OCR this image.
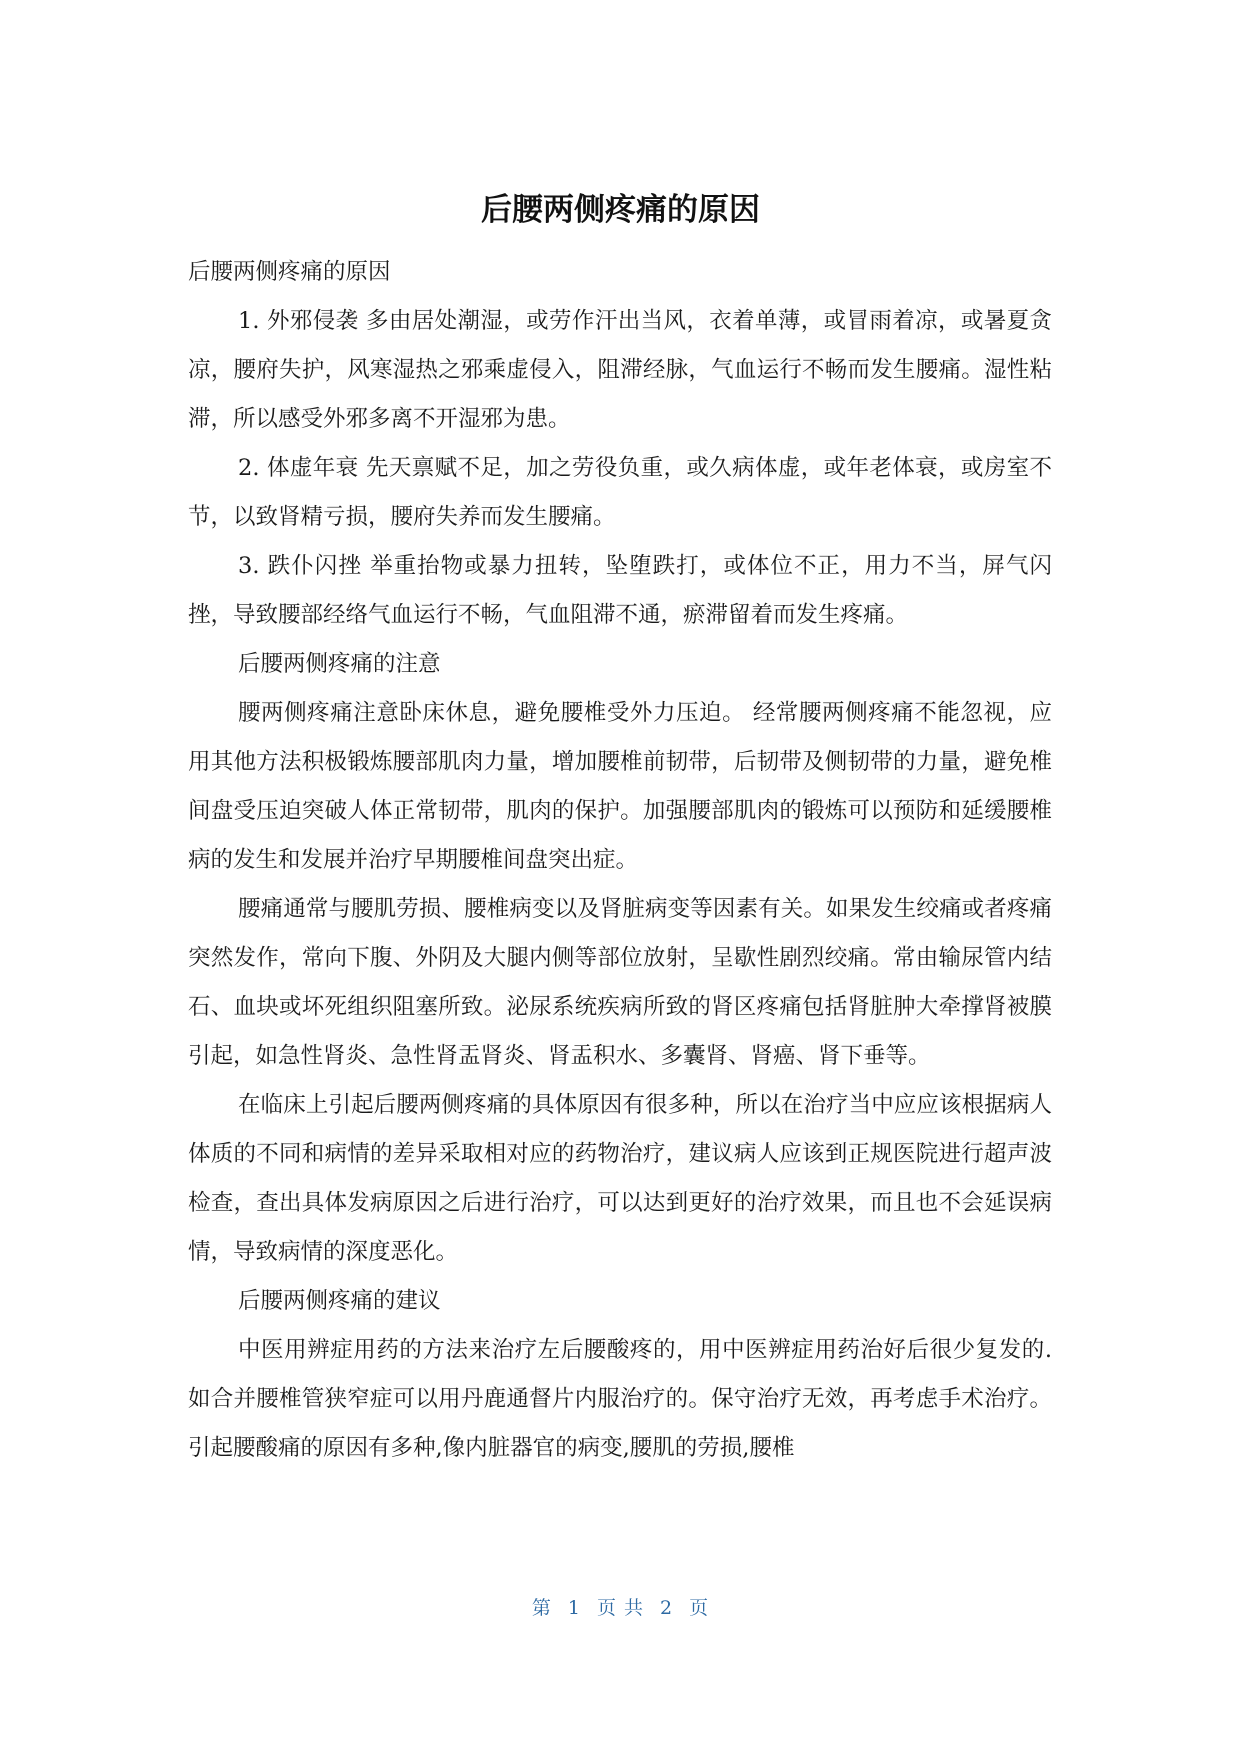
后腰两侧疼痛的原因

后腰两侧疼痛的原因

1. 外邪侵袭 多由居处潮湿，或劳作汗出当风，衣着单薄，或冒雨着凉，或暑夏贪凉，腰府失护，风寒湿热之邪乘虚侵入，阻滞经脉，气血运行不畅而发生腰痛。湿性粘滞，所以感受外邪多离不开湿邪为患。

2. 体虚年衰 先天禀赋不足，加之劳役负重，或久病体虚，或年老体衰，或房室不节，以致肾精亏损，腰府失养而发生腰痛。

3. 跌仆闪挫 举重抬物或暴力扭转，坠堕跌打，或体位不正，用力不当，屏气闪挫，导致腰部经络气血运行不畅，气血阻滞不通，瘀滞留着而发生疼痛。

后腰两侧疼痛的注意

腰两侧疼痛注意卧床休息，避免腰椎受外力压迫。 经常腰两侧疼痛不能忽视，应用其他方法积极锻炼腰部肌肉力量，增加腰椎前韧带，后韧带及侧韧带的力量，避免椎间盘受压迫突破人体正常韧带，肌肉的保护。加强腰部肌肉的锻炼可以预防和延缓腰椎病的发生和发展并治疗早期腰椎间盘突出症。

腰痛通常与腰肌劳损、腰椎病变以及肾脏病变等因素有关。如果发生绞痛或者疼痛突然发作，常向下腹、外阴及大腿内侧等部位放射，呈歇性剧烈绞痛。常由输尿管内结石、血块或坏死组织阻塞所致。泌尿系统疾病所致的肾区疼痛包括肾脏肿大牵撑肾被膜引起，如急性肾炎、急性肾盂肾炎、肾盂积水、多囊肾、肾癌、肾下垂等。

在临床上引起后腰两侧疼痛的具体原因有很多种，所以在治疗当中应应该根据病人体质的不同和病情的差异采取相对应的药物治疗，建议病人应该到正规医院进行超声波检查，查出具体发病原因之后进行治疗，可以达到更好的治疗效果，而且也不会延误病情，导致病情的深度恶化。

后腰两侧疼痛的建议

中医用辨症用药的方法来治疗左后腰酸疼的，用中医辨症用药治好后很少复发的.如合并腰椎管狭窄症可以用丹鹿通督片内服治疗的。保守治疗无效，再考虑手术治疗。引起腰酸痛的原因有多种,像内脏器官的病变,腰肌的劳损,腰椎

第 1 页 共 2 页
